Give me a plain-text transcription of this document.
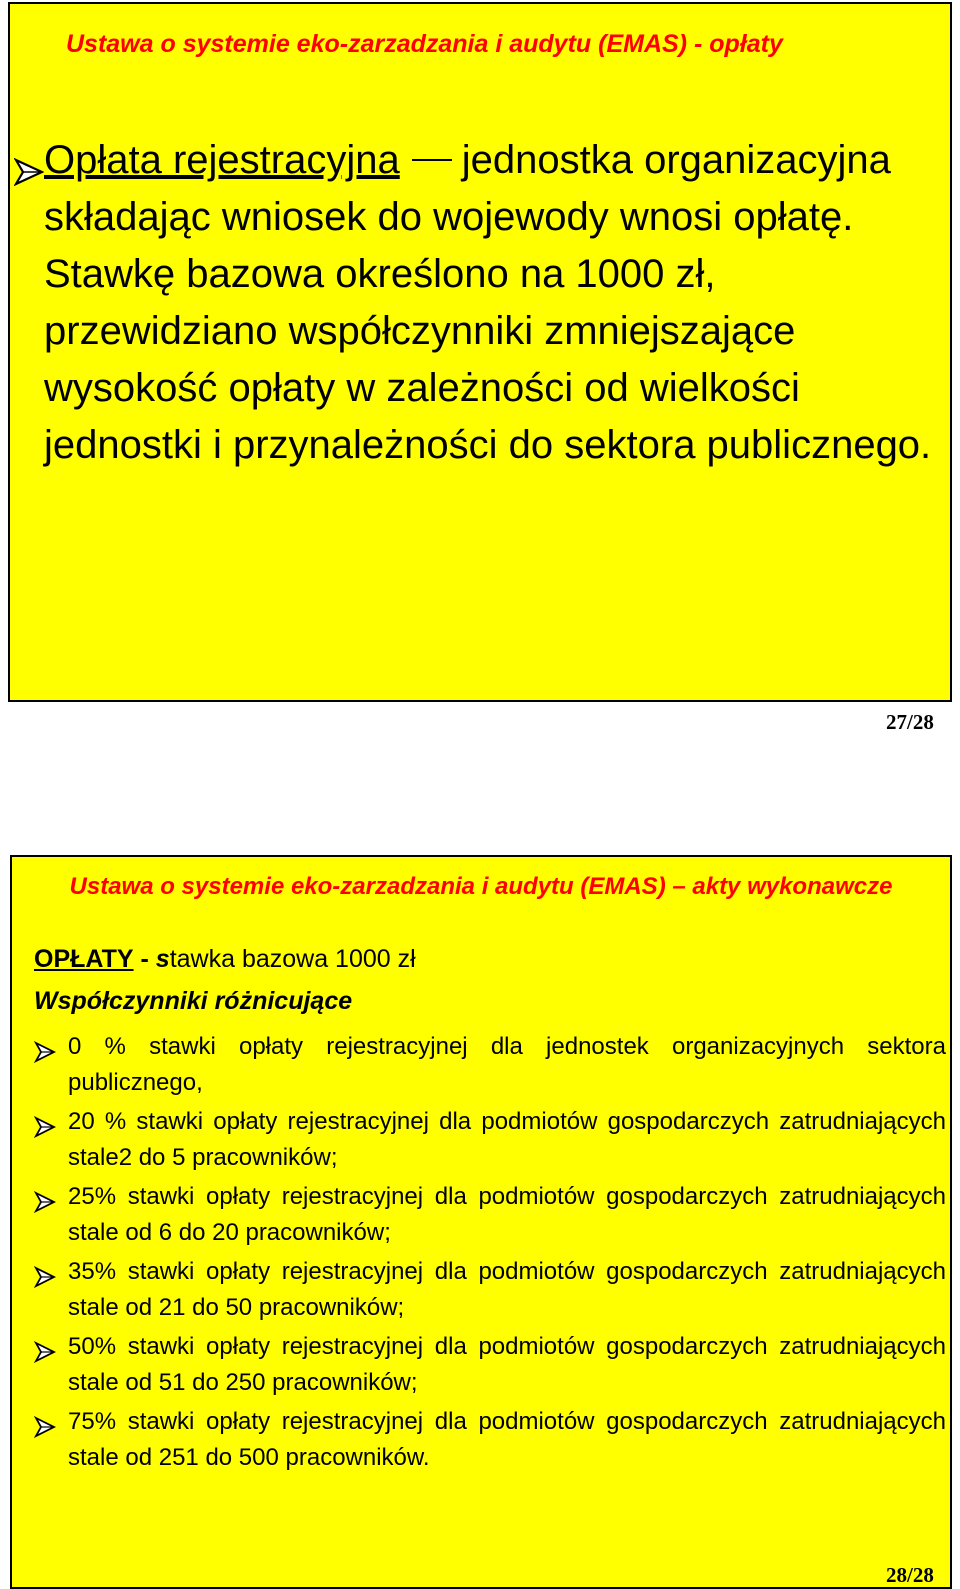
Ustawa o systemie eko-zarzadzania i audytu (EMAS) - opłaty
Opłata rejestracyjna jednostka organizacyjna składając wniosek do wojewody wnosi opłatę. Stawkę bazowa określono na 1000 zł, przewidziano współczynniki zmniejszające wysokość opłaty w zależności od wielkości jednostki i przynależności do sektora publicznego.
27/28
Ustawa o systemie eko-zarzadzania i audytu (EMAS) – akty wykonawcze
OPŁATY - stawka bazowa 1000 zł
Współczynniki różnicujące
0 % stawki opłaty rejestracyjnej dla jednostek organizacyjnych sektora publicznego,
20 % stawki opłaty rejestracyjnej dla podmiotów gospodarczych zatrudniających stale2 do 5 pracowników;
25% stawki opłaty rejestracyjnej dla podmiotów gospodarczych zatrudniających stale od 6 do 20 pracowników;
35% stawki opłaty rejestracyjnej dla podmiotów gospodarczych zatrudniających stale od 21 do 50 pracowników;
50% stawki opłaty rejestracyjnej dla podmiotów gospodarczych zatrudniających stale od 51 do 250 pracowników;
75% stawki opłaty rejestracyjnej dla podmiotów gospodarczych zatrudniających stale od 251 do 500 pracowników.
28/28
